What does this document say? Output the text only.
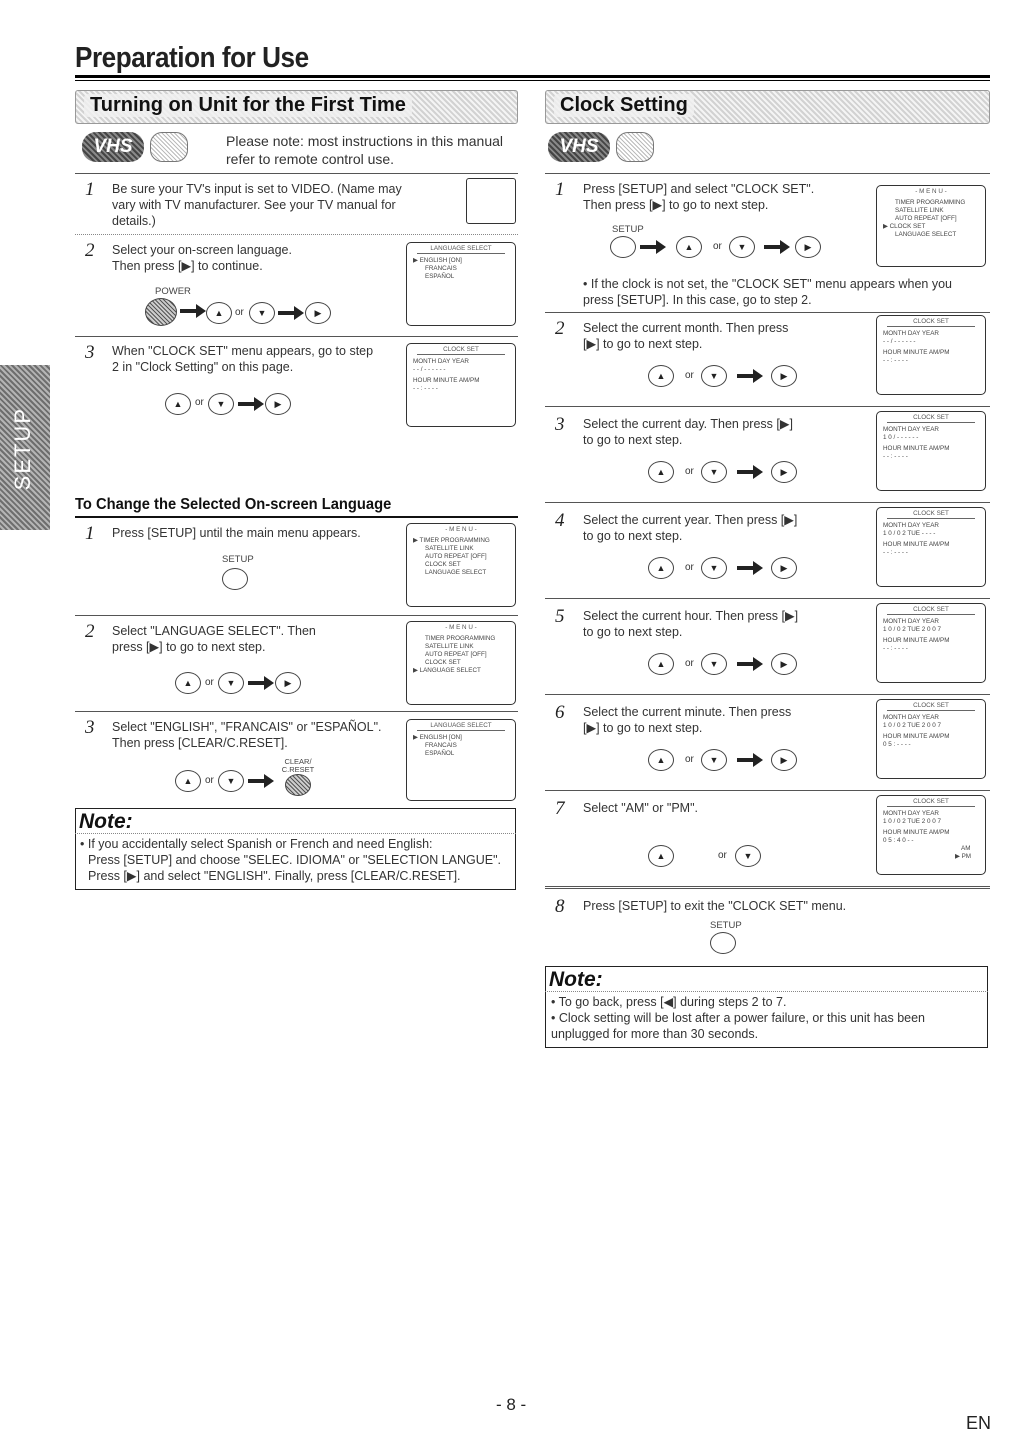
Preparation for Use
SETUP
Turning on Unit for the First Time
VHS	Please note: most instructions in this manual refer to remote control use.
1 Be sure your TV's input is set to VIDEO. (Name may vary with TV manufacturer. See your TV manual for details.)
2 Select your on-screen language. Then press [▶] to continue.
POWER
▲	or	▼	▶
LANGUAGE SELECT
▶ ENGLISH [ON]
FRANCAIS
ESPAÑOL
3 When "CLOCK SET" menu appears, go to step 2 in "Clock Setting" on this page.
▲	or	▼	▶
CLOCK SET
MONTH DAY YEAR
- - / - - - - - -
HOUR MINUTE AM/PM
- - : - - - -
To Change the Selected On-screen Language
1 Press [SETUP] until the main menu appears.
SETUP
- M E N U -
▶ TIMER PROGRAMMING
SATELLITE LINK
AUTO REPEAT [OFF]
CLOCK SET
LANGUAGE SELECT
2 Select "LANGUAGE SELECT". Then press [▶] to go to next step.
▲	or	▼	▶
- M E N U -
TIMER PROGRAMMING
SATELLITE LINK
AUTO REPEAT [OFF]
CLOCK SET
▶ LANGUAGE SELECT
3 Select "ENGLISH", "FRANCAIS" or "ESPAÑOL". Then press [CLEAR/C.RESET].
▲	or	▼
CLEAR/ C.RESET
LANGUAGE SELECT
▶ ENGLISH [ON]
FRANCAIS
ESPAÑOL
Note:
• If you accidentally select Spanish or French and need English:
Press [SETUP] and choose "SELEC. IDIOMA" or "SELECTION LANGUE".
Press [▶] and select "ENGLISH". Finally, press [CLEAR/C.RESET].
Clock Setting
VHS
1 Press [SETUP] and select "CLOCK SET". Then press [▶] to go to next step.
SETUP
▲	or	▼	▶
- M E N U -
TIMER PROGRAMMING
SATELLITE LINK
AUTO REPEAT [OFF]
▶ CLOCK SET
LANGUAGE SELECT
• If the clock is not set, the "CLOCK SET" menu appears when you press [SETUP]. In this case, go to step 2.
2 Select the current month. Then press [▶] to go to next step.
▲	or	▼	▶
CLOCK SET
MONTH DAY YEAR
- - / - - - - - -
HOUR MINUTE AM/PM
- - : - - - -
3 Select the current day. Then press [▶] to go to next step.
▲	or	▼	▶
CLOCK SET
MONTH DAY YEAR
1 0 / - - - - - -
HOUR MINUTE AM/PM
- - : - - - -
4 Select the current year. Then press [▶] to go to next step.
▲	or	▼	▶
CLOCK SET
MONTH DAY YEAR
1 0 / 0 2 TUE - - - -
HOUR MINUTE AM/PM
- - : - - - -
5 Select the current hour. Then press [▶] to go to next step.
▲	or	▼	▶
CLOCK SET
MONTH DAY YEAR
1 0 / 0 2 TUE 2 0 0 7
HOUR MINUTE AM/PM
- - : - - - -
6 Select the current minute. Then press [▶] to go to next step.
▲	or	▼	▶
CLOCK SET
MONTH DAY YEAR
1 0 / 0 2 TUE 2 0 0 7
HOUR MINUTE AM/PM
0 5 : - - - -
7 Select "AM" or "PM".
▲	or	▼
CLOCK SET
MONTH DAY YEAR
1 0 / 0 2 TUE 2 0 0 7
HOUR MINUTE AM/PM
0 5 : 4 0 - -
AM
▶ PM
8 Press [SETUP] to exit the "CLOCK SET" menu.
SETUP
Note:
• To go back, press [◀] during steps 2 to 7.
• Clock setting will be lost after a power failure, or this unit has been unplugged for more than 30 seconds.
- 8 -
EN
